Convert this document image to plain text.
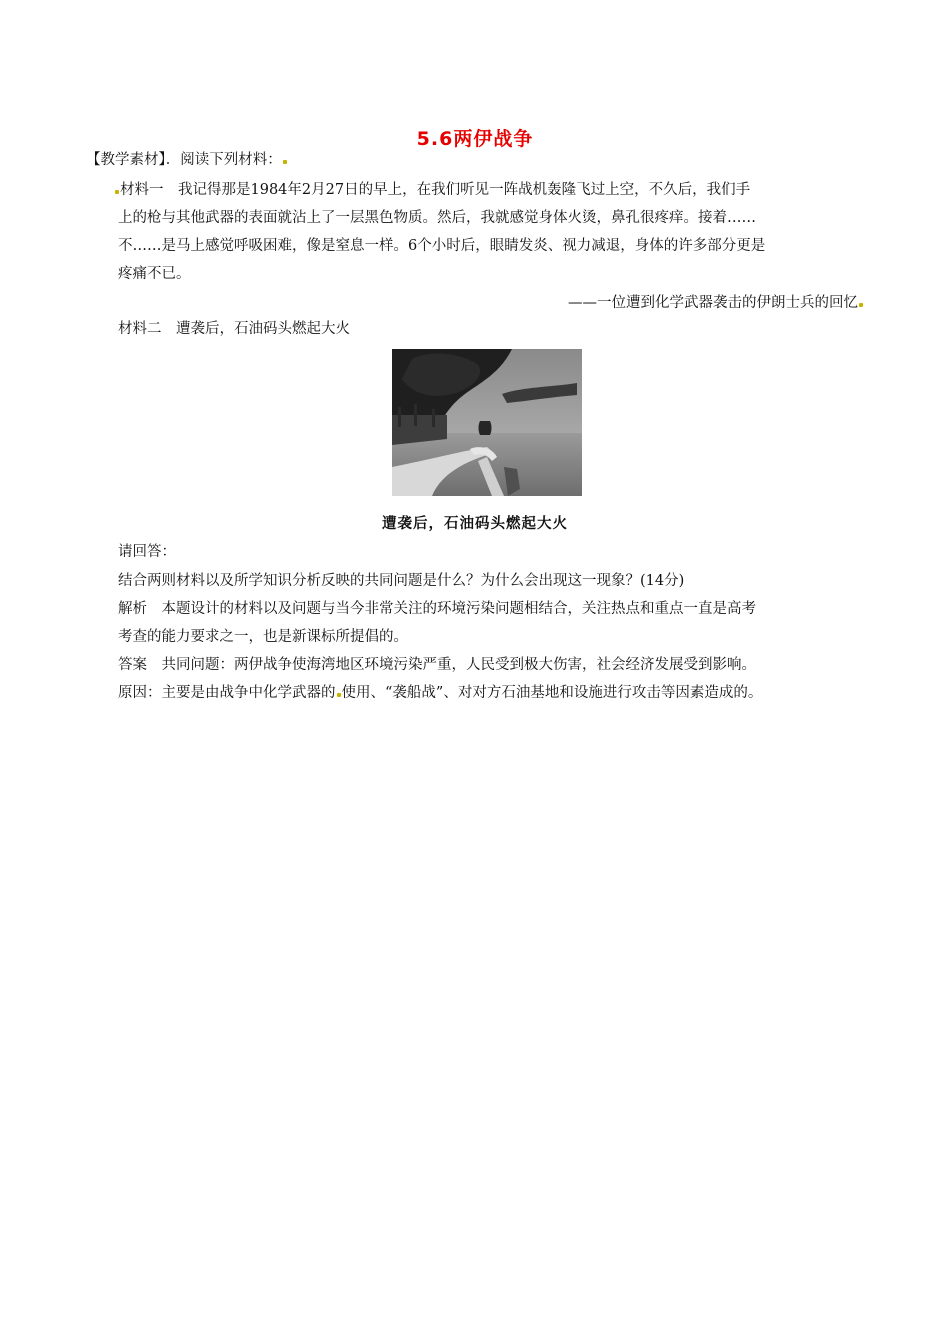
5.6两伊战争
【教学素材】．阅读下列材料：
材料一　我记得那是1984年2月27日的早上，在我们听见一阵战机轰隆飞过上空，不久后，我们手
上的枪与其他武器的表面就沾上了一层黑色物质。然后，我就感觉身体火烫，鼻孔很疼痒。接着……
不……是马上感觉呼吸困难，像是窒息一样。6个小时后，眼睛发炎、视力减退，身体的许多部分更是
疼痛不已。
——一位遭到化学武器袭击的伊朗士兵的回忆
材料二　遭袭后，石油码头燃起大火
遭袭后，石油码头燃起大火
请回答：
结合两则材料以及所学知识分析反映的共同问题是什么？为什么会出现这一现象？(14分)
解析　本题设计的材料以及问题与当今非常关注的环境污染问题相结合，关注热点和重点一直是高考
考查的能力要求之一，也是新课标所提倡的。
答案　共同问题：两伊战争使海湾地区环境污染严重，人民受到极大伤害，社会经济发展受到影响。
原因：主要是由战争中化学武器的 使用、“袭船战”、对对方石油基地和设施进行攻击等因素造成的。
